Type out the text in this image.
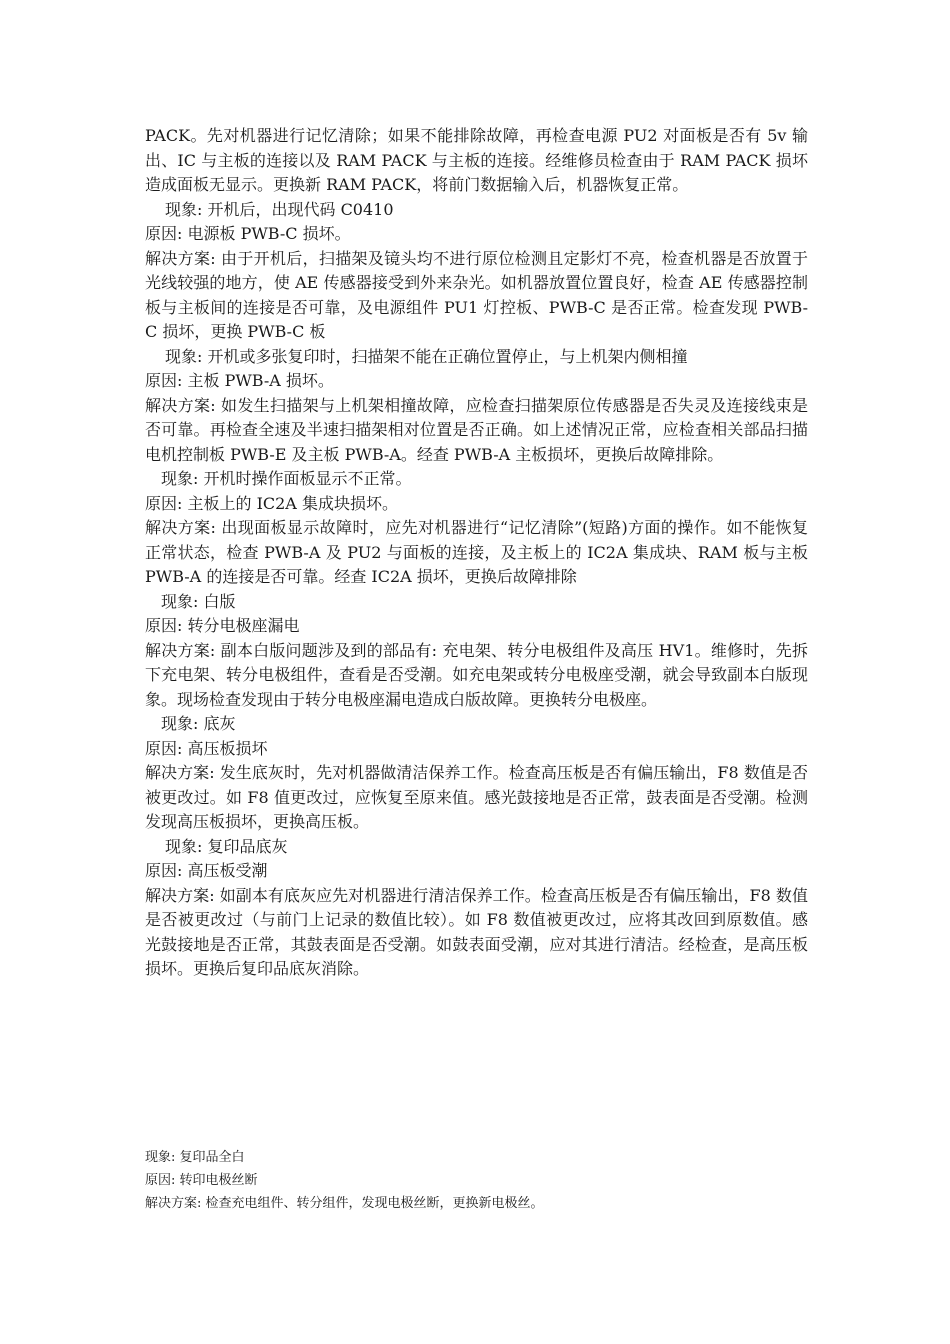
PACK。先对机器进行记忆清除；如果不能排除故障，再检查电源 PU2 对面板是否有 5v 输出、IC 与主板的连接以及 RAM PACK 与主板的连接。经维修员检查由于 RAM PACK 损坏造成面板无显示。更换新 RAM PACK，将前门数据输入后，机器恢复正常。

现象: 开机后，出现代码 C0410

原因: 电源板 PWB-C 损坏。

解决方案: 由于开机后，扫描架及镜头均不进行原位检测且定影灯不亮，检查机器是否放置于光线较强的地方，使 AE 传感器接受到外来杂光。如机器放置位置良好，检查 AE 传感器控制板与主板间的连接是否可靠，及电源组件 PU1 灯控板、PWB-C 是否正常。检查发现 PWB-C 损坏，更换 PWB-C 板

现象: 开机或多张复印时，扫描架不能在正确位置停止，与上机架内侧相撞

原因: 主板 PWB-A 损坏。

解决方案: 如发生扫描架与上机架相撞故障，应检查扫描架原位传感器是否失灵及连接线束是否可靠。再检查全速及半速扫描架相对位置是否正确。如上述情况正常，应检查相关部品扫描电机控制板 PWB-E 及主板 PWB-A。经查 PWB-A 主板损坏，更换后故障排除。

现象: 开机时操作面板显示不正常。

原因: 主板上的 IC2A 集成块损坏。

解决方案: 出现面板显示故障时，应先对机器进行“记忆清除”(短路)方面的操作。如不能恢复正常状态，检查 PWB-A 及 PU2 与面板的连接，及主板上的 IC2A 集成块、RAM 板与主板 PWB-A 的连接是否可靠。经查 IC2A 损坏，更换后故障排除

现象: 白版

原因: 转分电极座漏电

解决方案: 副本白版问题涉及到的部品有: 充电架、转分电极组件及高压 HV1。维修时，先拆下充电架、转分电极组件，查看是否受潮。如充电架或转分电极座受潮，就会导致副本白版现象。现场检查发现由于转分电极座漏电造成白版故障。更换转分电极座。

现象: 底灰

原因: 高压板损坏

解决方案: 发生底灰时，先对机器做清洁保养工作。检查高压板是否有偏压输出，F8 数值是否被更改过。如 F8 值更改过，应恢复至原来值。感光鼓接地是否正常，鼓表面是否受潮。检测发现高压板损坏，更换高压板。

现象: 复印品底灰

原因: 高压板受潮

解决方案: 如副本有底灰应先对机器进行清洁保养工作。检查高压板是否有偏压输出，F8 数值是否被更改过（与前门上记录的数值比较）。如 F8 数值被更改过，应将其改回到原数值。感光鼓接地是否正常，其鼓表面是否受潮。如鼓表面受潮，应对其进行清洁。经检查，是高压板损坏。更换后复印品底灰消除。

现象: 复印品全白

原因: 转印电极丝断

解决方案: 检查充电组件、转分组件，发现电极丝断，更换新电极丝。
